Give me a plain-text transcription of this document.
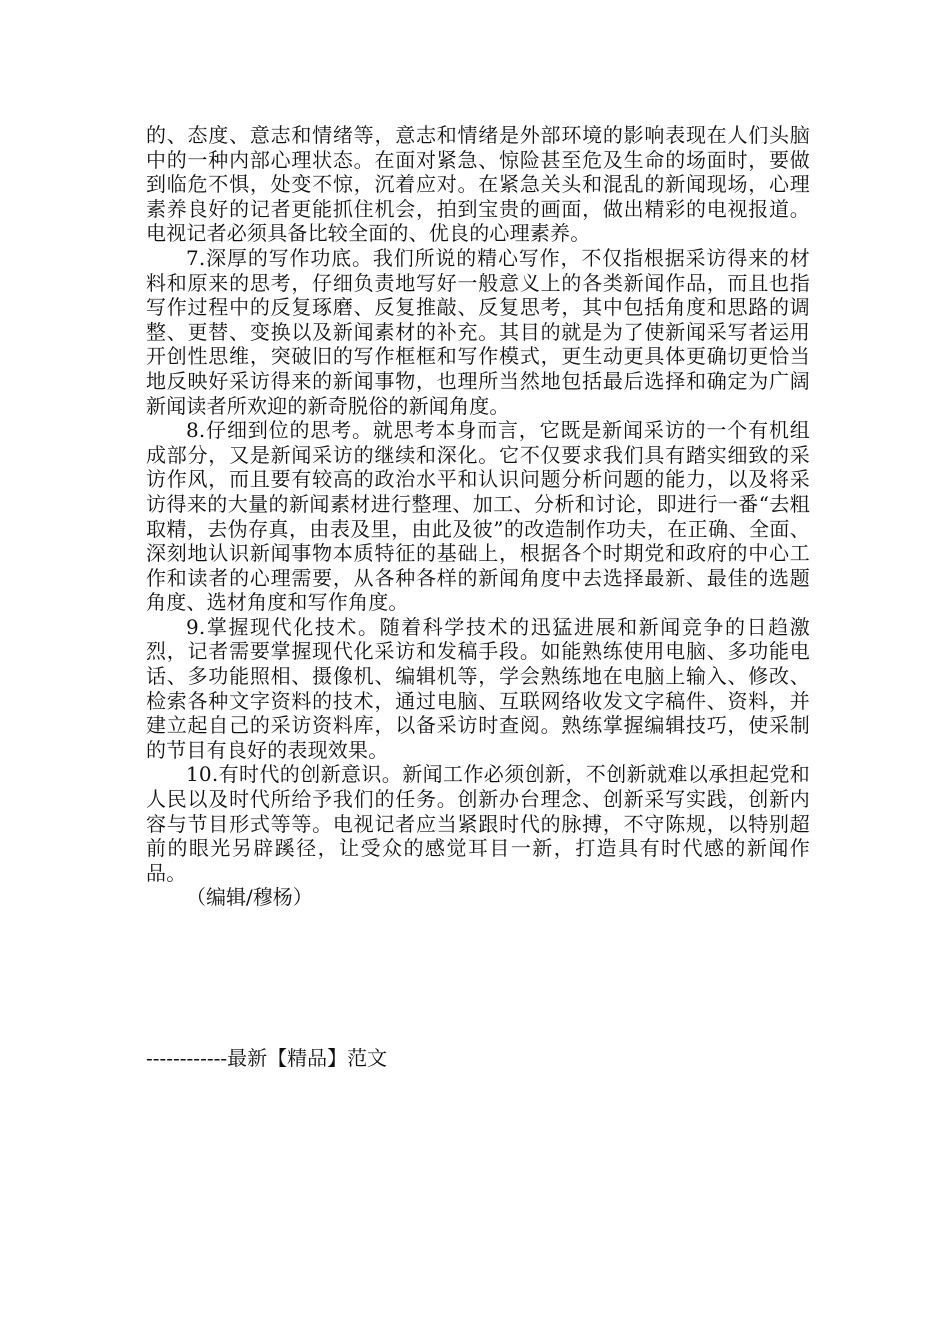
的、态度、意志和情绪等，意志和情绪是外部环境的影响表现在人们头脑中的一种内部心理状态。在面对紧急、惊险甚至危及生命的场面时，要做到临危不惧，处变不惊，沉着应对。在紧急关头和混乱的新闻现场，心理素养良好的记者更能抓住机会，拍到宝贵的画面，做出精彩的电视报道。电视记者必须具备比较全面的、优良的心理素养。

7.深厚的写作功底。我们所说的精心写作，不仅指根据采访得来的材料和原来的思考，仔细负责地写好一般意义上的各类新闻作品，而且也指写作过程中的反复琢磨、反复推敲、反复思考，其中包括角度和思路的调整、更替、变换以及新闻素材的补充。其目的就是为了使新闻采写者运用开创性思维，突破旧的写作框框和写作模式，更生动更具体更确切更恰当地反映好采访得来的新闻事物，也理所当然地包括最后选择和确定为广阔新闻读者所欢迎的新奇脱俗的新闻角度。

8.仔细到位的思考。就思考本身而言，它既是新闻采访的一个有机组成部分，又是新闻采访的继续和深化。它不仅要求我们具有踏实细致的采访作风，而且要有较高的政治水平和认识问题分析问题的能力，以及将采访得来的大量的新闻素材进行整理、加工、分析和讨论，即进行一番“去粗取精，去伪存真，由表及里，由此及彼”的改造制作功夫，在正确、全面、深刻地认识新闻事物本质特征的基础上，根据各个时期党和政府的中心工作和读者的心理需要，从各种各样的新闻角度中去选择最新、最佳的选题角度、选材角度和写作角度。

9.掌握现代化技术。随着科学技术的迅猛进展和新闻竞争的日趋激烈，记者需要掌握现代化采访和发稿手段。如能熟练使用电脑、多功能电话、多功能照相、摄像机、编辑机等，学会熟练地在电脑上输入、修改、检索各种文字资料的技术，通过电脑、互联网络收发文字稿件、资料，并建立起自己的采访资料库，以备采访时查阅。熟练掌握编辑技巧，使采制的节目有良好的表现效果。

10.有时代的创新意识。新闻工作必须创新，不创新就难以承担起党和人民以及时代所给予我们的任务。创新办台理念、创新采写实践，创新内容与节目形式等等。电视记者应当紧跟时代的脉搏，不守陈规，以特别超前的眼光另辟蹊径，让受众的感觉耳目一新，打造具有时代感的新闻作品。

（编辑/穆杨）

------------最新【精品】范文
